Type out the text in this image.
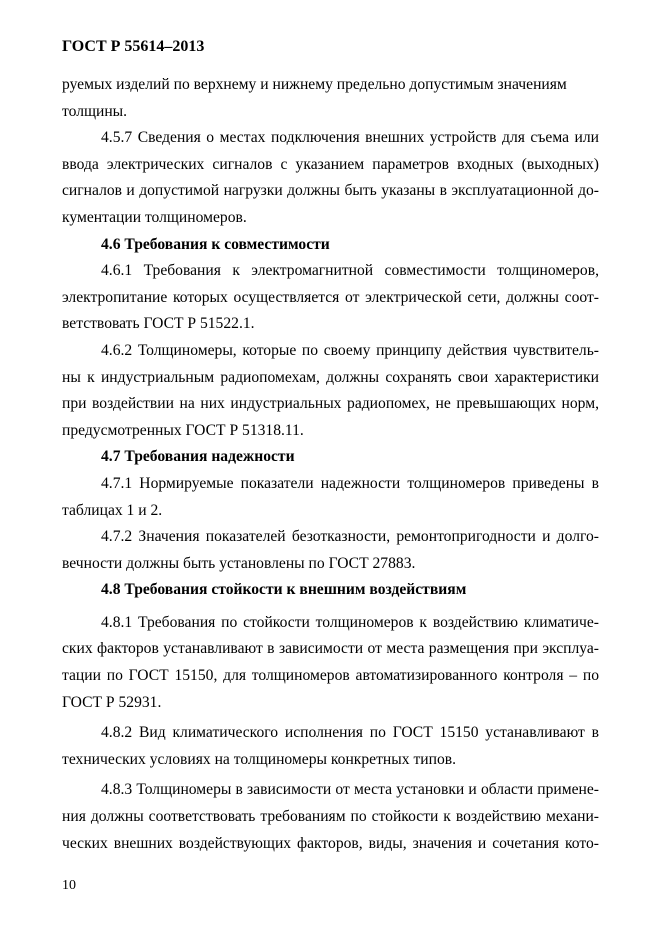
ГОСТ Р 55614–2013
руемых изделий по верхнему и нижнему предельно допустимым значениям
толщины.
4.5.7 Сведения о местах подключения внешних устройств для съема или
ввода электрических сигналов с указанием параметров входных (выходных)
сигналов и допустимой нагрузки должны быть указаны в эксплуатационной до-
кументации толщиномеров.
4.6 Требования к совместимости
4.6.1 Требования к электромагнитной совместимости толщиномеров,
электропитание которых осуществляется от электрической сети, должны соот-
ветствовать ГОСТ Р 51522.1.
4.6.2 Толщиномеры, которые по своему принципу действия чувствитель-
ны к индустриальным радиопомехам, должны сохранять свои характеристики
при воздействии на них индустриальных радиопомех, не превышающих норм,
предусмотренных ГОСТ Р 51318.11.
4.7 Требования надежности
4.7.1 Нормируемые показатели надежности толщиномеров приведены в
таблицах 1 и 2.
4.7.2 Значения показателей безотказности, ремонтопригодности и долго-
вечности должны быть установлены по ГОСТ 27883.
4.8 Требования стойкости к внешним воздействиям
4.8.1 Требования по стойкости толщиномеров к воздействию климатиче-
ских факторов устанавливают в зависимости от места размещения при эксплуа-
тации по ГОСТ 15150, для толщиномеров автоматизированного контроля – по
ГОСТ Р 52931.
4.8.2 Вид климатического исполнения по ГОСТ 15150 устанавливают в
технических условиях на толщиномеры конкретных типов.
4.8.3 Толщиномеры в зависимости от места установки и области примене-
ния должны соответствовать требованиям по стойкости к воздействию механи-
ческих внешних воздействующих факторов, виды, значения и сочетания кото-
10
